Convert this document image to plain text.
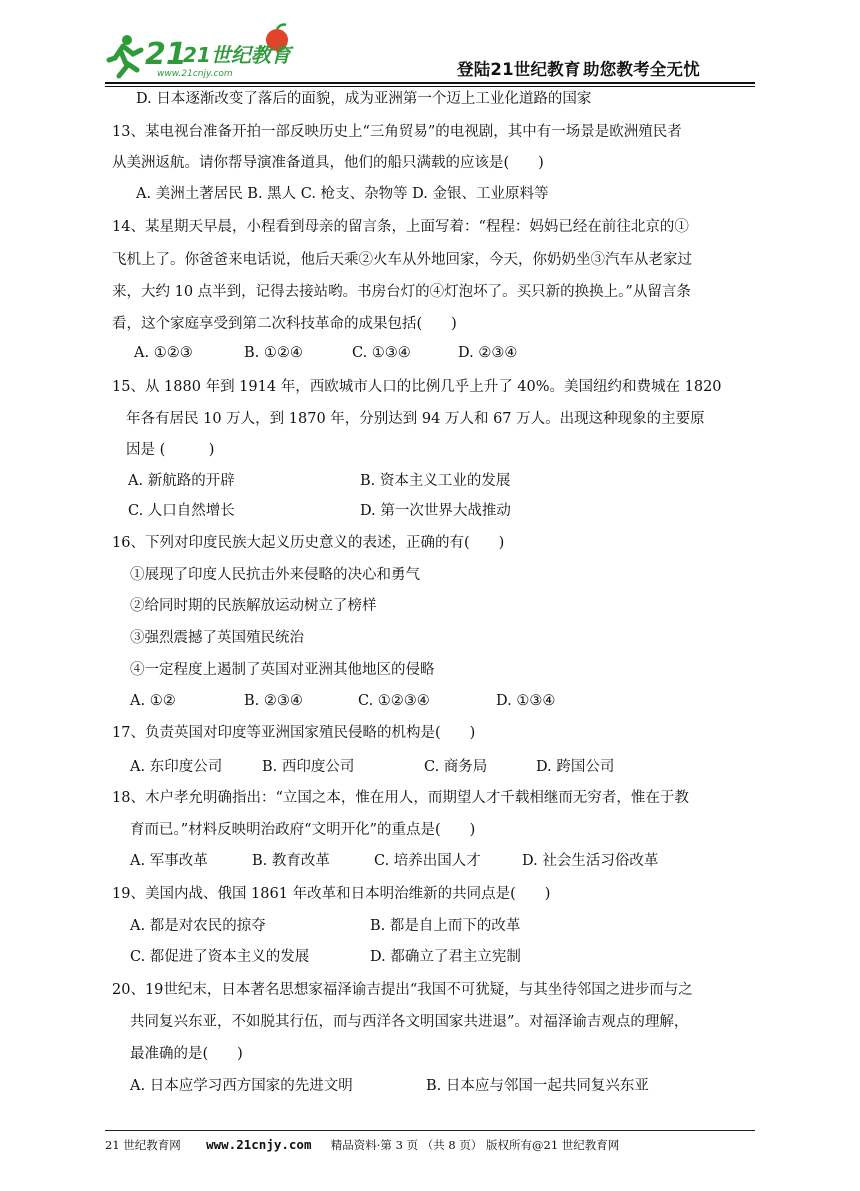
21
21世纪教育
www.21cnjy.com	登陆21世纪教育 助您教考全无忧
D. 日本逐渐改变了落后的面貌，成为亚洲第一个迈上工业化道路的国家
13、某电视台准备开拍一部反映历史上“三角贸易”的电视剧，其中有一场景是欧洲殖民者
从美洲返航。请你帮导演准备道具，他们的船只满载的应该是(　　)
A. 美洲土著居民 B. 黑人 C. 枪支、杂物等 D. 金银、工业原料等
14、某星期天早晨，小程看到母亲的留言条，上面写着：“程程：妈妈已经在前往北京的①
飞机上了。你爸爸来电话说，他后天乘②火车从外地回家，今天，你奶奶坐③汽车从老家过
来，大约 10 点半到，记得去接站哟。书房台灯的④灯泡坏了。买只新的换换上。”从留言条
看，这个家庭享受到第二次科技革命的成果包括(　　)
A. ①②③	B. ①②④	C. ①③④	D. ②③④
15、从 1880 年到 1914 年，西欧城市人口的比例几乎上升了 40%。美国纽约和费城在 1820
年各有居民 10 万人，到 1870 年，分别达到 94 万人和 67 万人。出现这种现象的主要原
因是 (　　　)
A. 新航路的开辟	B. 资本主义工业的发展
C. 人口自然增长	D. 第一次世界大战推动
16、下列对印度民族大起义历史意义的表述，正确的有(　　)
①展现了印度人民抗击外来侵略的决心和勇气
②给同时期的民族解放运动树立了榜样
③强烈震撼了英国殖民统治
④一定程度上遏制了英国对亚洲其他地区的侵略
A. ①②	B. ②③④	C. ①②③④	D. ①③④
17、负责英国对印度等亚洲国家殖民侵略的机构是(　　)
A. 东印度公司	B. 西印度公司	C. 商务局	D. 跨国公司
18、木户孝允明确指出：“立国之本，惟在用人，而期望人才千载相继而无穷者，惟在于教
育而已。”材料反映明治政府“文明开化”的重点是(　　)
A. 军事改革	B. 教育改革	C. 培养出国人才	D. 社会生活习俗改革
19、美国内战、俄国 1861 年改革和日本明治维新的共同点是(　　)
A. 都是对农民的掠夺	B. 都是自上而下的改革
C. 都促进了资本主义的发展	D. 都确立了君主立宪制
20、19世纪末，日本著名思想家福泽谕吉提出“我国不可犹疑，与其坐待邻国之进步而与之
共同复兴东亚，不如脱其行伍，而与西洋各文明国家共进退”。对福泽谕吉观点的理解，
最准确的是(　　)
A. 日本应学习西方国家的先进文明	B. 日本应与邻国一起共同复兴东亚
21 世纪教育网 www.21cnjy.com 精品资料·第 3 页 （共 8 页） 版权所有@21 世纪教育网
